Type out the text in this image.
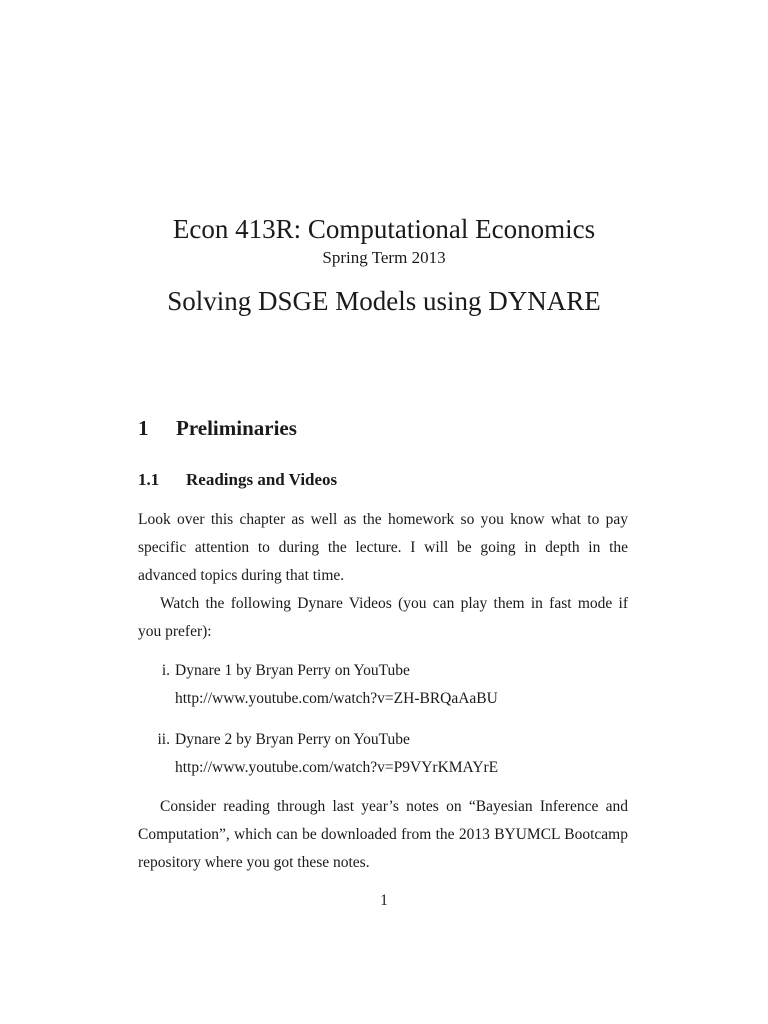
Econ 413R: Computational Economics
Spring Term 2013
Solving DSGE Models using DYNARE
1 Preliminaries
1.1 Readings and Videos
Look over this chapter as well as the homework so you know what to pay
specific attention to during the lecture. I will be going in depth in the
advanced topics during that time.
Watch the following Dynare Videos (you can play them in fast mode if
you prefer):
i. Dynare 1 by Bryan Perry on YouTube
http://www.youtube.com/watch?v=ZH-BRQaAaBU
ii. Dynare 2 by Bryan Perry on YouTube
http://www.youtube.com/watch?v=P9VYrKMAYrE
Consider reading through last year’s notes on “Bayesian Inference and
Computation”, which can be downloaded from the 2013 BYUMCL Bootcamp
repository where you got these notes.
1
